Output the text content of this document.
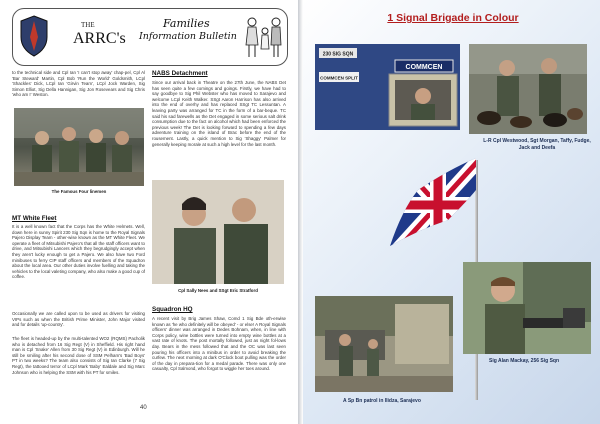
THE
ARRC's
Families
Information Bulletin
to the technical side and Cpl Ian 'I can't stop away' chap-pel, Cpl Al 'Bar Steward' Martin, Cpl Bob 'Run the World' Goldsmith, LCpl 'Shackles' Dick, LCpl Ian 'Girvin Team', LCpl Jock Warden, Sig Simon Elliot, Sig Della Hannigan, Sig Jon Rosevears and Sig Chris 'who am I' Weston.
The Famous Four linemen
MT White Fleet
It is a well known fact that the Corps has the White Helmets. Well, down here in sunny Spirit 230 Sig Sqn is home to the Royal Signals Pajero Display Team - other-wise known as the MT White Fleet. We operate a fleet of Mitsubishi Pajero's that all the staff officers want to drive, and Mitsubishi Lancers which they begrudgingly accept when they aren't lucky enough to get a Pajero. We also have two Ford minibuses to ferry CIP staff officers and members of the Squadron about the local area. Our other duties involve fuelling and taking the vehicles to the local valeting company, who also make a good cup of coffee.
Occasionally we are called upon to be used as drivers for visiting VIPs such as when the British Prime Minister, John Major visited and for details 'up-country'.
The fleet is headed-up by the multi-talented WO2 (RQMS) Pacholik who is detached from 16 Sig Regt (V) in Sheffield. His right hand man is Cpl 'Snake' Allen from 30 Sig Regt (V) in Edinburgh. Will he still be smiling after his second dose of SSM Pelham's 'Bad Boys' PT in two weeks? The team also consists of Sig Ian Clarke (7 Sig Regt), the tattooed terror of LCpl Mark 'Baby' Ealdale and Sig Marc Johnson who is helping the SSM with his PT for smiles.
NABS Detachment
Since our arrival back in Theatre on the 27th June, the NABS Det has seen quite a few comings and goings. Firstly, we have had to say goodbye to Sig Phil Webster who has moved to Sarajevo and welcome LCpl Keith Walker. SSgt Aaron Harrison has also arrived into the end of overhy and has replaced SSgt TC Lessuntan. A leaving party was arranged for TC in the form of a bar-beque. TC said his sad farewells as the Det engaged in some serious salt drink consumption due to the fact on alcohol which had been enforced the previous week! The Det is looking forward to spending a few days adventure training on the island of Brac before the end of the rousement. Lastly, a quick mention to Sig 'Shaggy' Palmer for generally keeping morale at such a high level for the last month.
Cpl Sally Nees and SSgt Eric Stratford
Squadron HQ
A recent visit by Brig James Shaw, Comd 1 Sig Bde oth-erwise known as 'he who definitely will be obeyed' - or else! A Royal Signals officers' dinner was arranged in Dedes Bohnam, when, in line with Corps policy, wine bottles were turned into empty wine bottles at a vast rate of knots. The post mortally followed, just as night fol-lows day. Bears in the mess followed that and the OC was last seen pouring his officers into a minibus in order to avoid breaking the curfew. The next morning at dark O'Clock boot pulling was the order of the day in prepara-tion for a medal parade. There was only one casualty, Cpl Salmond, who forgot to wiggle her toes around.
40
1 Signal Brigade in Colour
230 SIG SQN
COMMCEN SPLIT
COMMCEN
L-R Cpl Westwood, Sgt Morgan, Taffy, Fudge, Jack and Deefa
Sig Alan Mackay, 256 Sig Sqn
A Sp Bn patrol in Ilidza, Sarajevo
